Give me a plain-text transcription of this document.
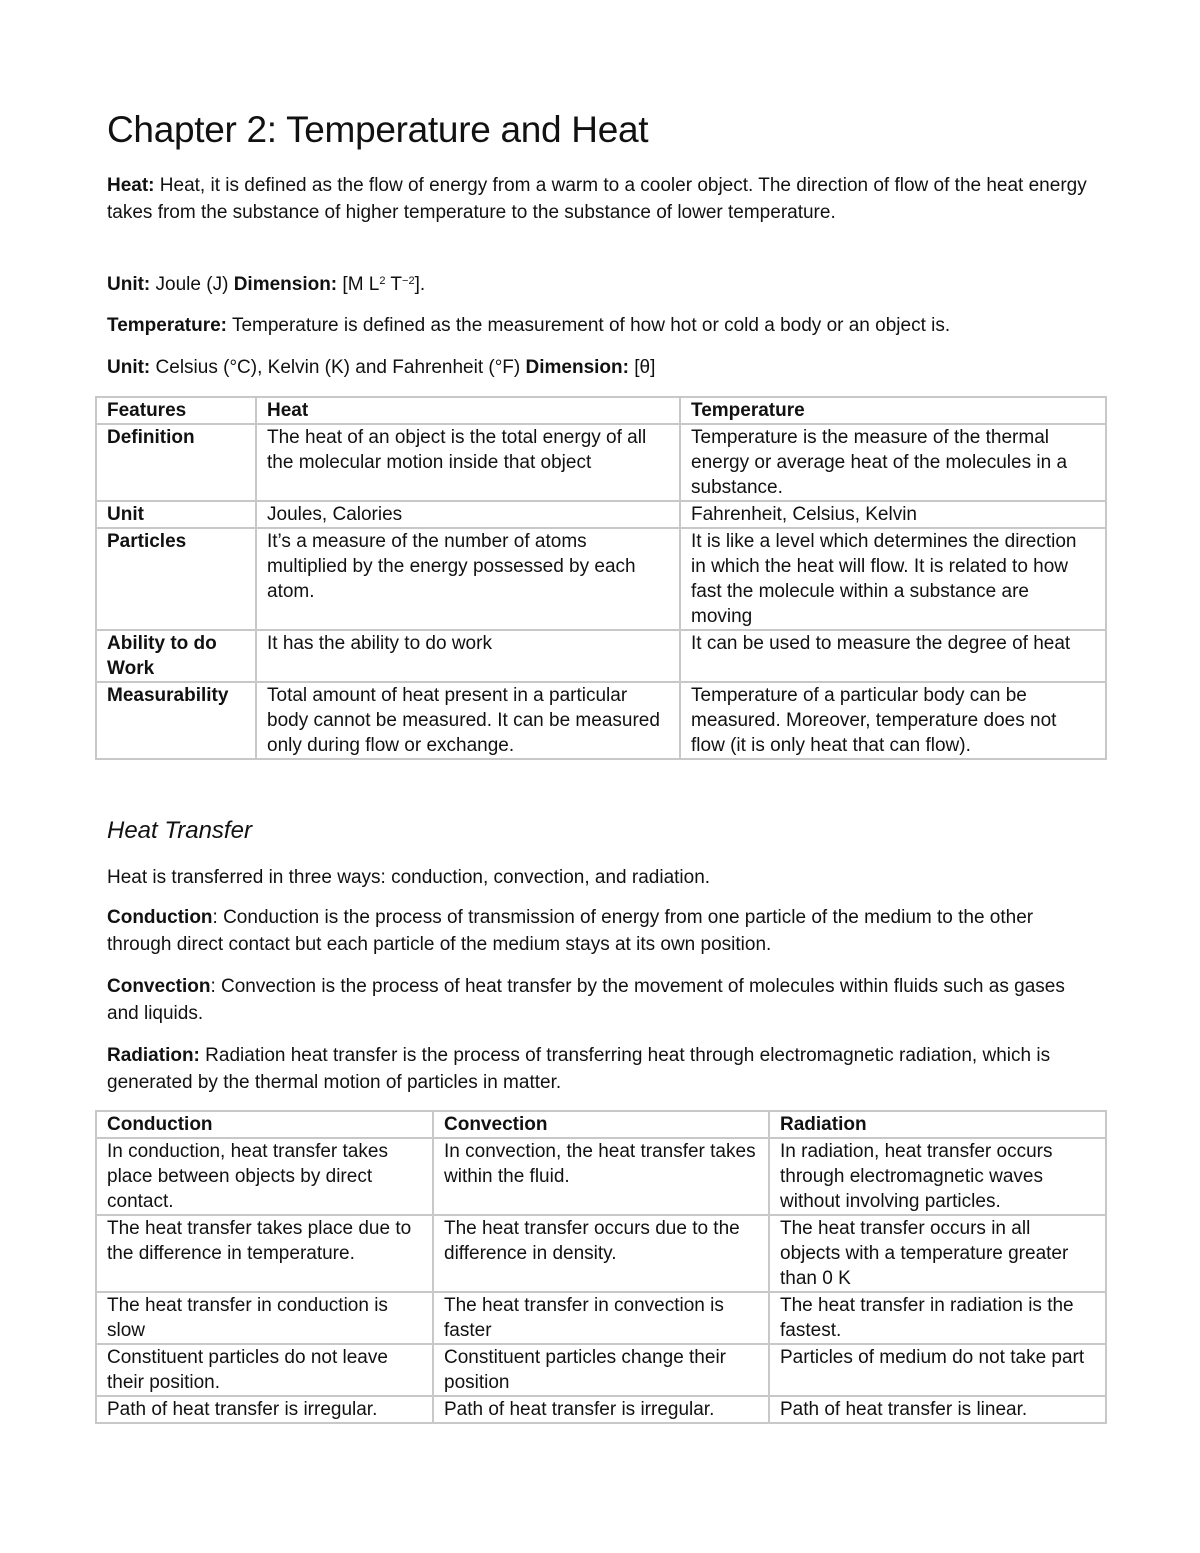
Chapter 2: Temperature and Heat

Heat: Heat, it is defined as the flow of energy from a warm to a cooler object. The direction of flow of the heat energy takes from the substance of higher temperature to the substance of lower temperature.

Unit: Joule (J) Dimension: [M $L^2$ $T^{-2}$].

Temperature: Temperature is defined as the measurement of how hot or cold a body or an object is.

Unit: Celsius (°C), Kelvin (K) and Fahrenheit (°F) Dimension: [θ]

Features	Heat	Temperature
Definition	The heat of an object is the total energy of all the molecular motion inside that object	Temperature is the measure of the thermal energy or average heat of the molecules in a substance.
Unit	Joules, Calories	Fahrenheit, Celsius, Kelvin
Particles	It’s a measure of the number of atoms multiplied by the energy possessed by each atom.	It is like a level which determines the direction in which the heat will flow. It is related to how fast the molecule within a substance are moving
Ability to do Work	It has the ability to do work	It can be used to measure the degree of heat
Measurability	Total amount of heat present in a particular body cannot be measured. It can be measured only during flow or exchange.	Temperature of a particular body can be measured. Moreover, temperature does not flow (it is only heat that can flow).
Heat Transfer

Heat is transferred in three ways: conduction, convection, and radiation.

Conduction: Conduction is the process of transmission of energy from one particle of the medium to the other through direct contact but each particle of the medium stays at its own position.

Convection: Convection is the process of heat transfer by the movement of molecules within fluids such as gases and liquids.

Radiation: Radiation heat transfer is the process of transferring heat through electromagnetic radiation, which is generated by the thermal motion of particles in matter.

Conduction	Convection	Radiation
In conduction, heat transfer takes place between objects by direct contact.	In convection, the heat transfer takes within the fluid.	In radiation, heat transfer occurs through electromagnetic waves without involving particles.
The heat transfer takes place due to the difference in temperature.	The heat transfer occurs due to the difference in density.	The heat transfer occurs in all objects with a temperature greater than 0 K
The heat transfer in conduction is slow	The heat transfer in convection is faster	The heat transfer in radiation is the fastest.
Constituent particles do not leave their position.	Constituent particles change their position	Particles of medium do not take part
Path of heat transfer is irregular.	Path of heat transfer is irregular.	Path of heat transfer is linear.
